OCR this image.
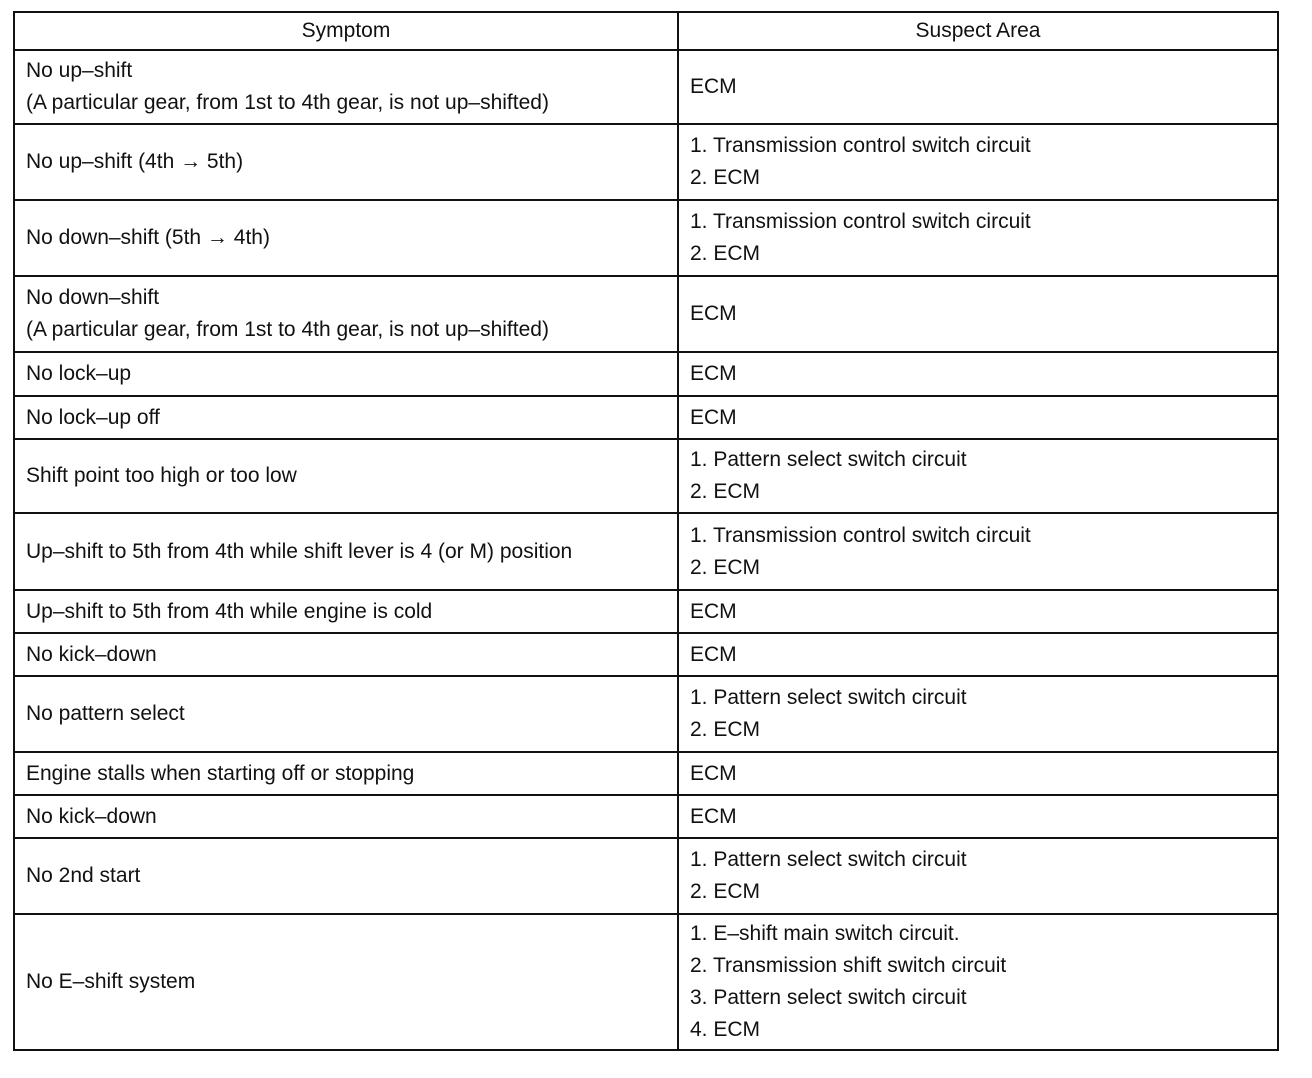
Symptom	Suspect Area

No up–shift
(A particular gear, from 1st to 4th gear, is not up–shifted)	ECM

No up–shift (4th → 5th)	1. Transmission control switch circuit
2. ECM

No down–shift (5th → 4th)	1. Transmission control switch circuit
2. ECM

No down–shift
(A particular gear, from 1st to 4th gear, is not up–shifted)	ECM

No lock–up	ECM

No lock–up off	ECM

Shift point too high or too low	1. Pattern select switch circuit
2. ECM

Up–shift to 5th from 4th while shift lever is 4 (or M) position	1. Transmission control switch circuit
2. ECM

Up–shift to 5th from 4th while engine is cold	ECM

No kick–down	ECM

No pattern select	1. Pattern select switch circuit
2. ECM

Engine stalls when starting off or stopping	ECM

No kick–down	ECM

No 2nd start	1. Pattern select switch circuit
2. ECM

No E–shift system	1. E–shift main switch circuit.
2. Transmission shift switch circuit
3. Pattern select switch circuit
4. ECM
